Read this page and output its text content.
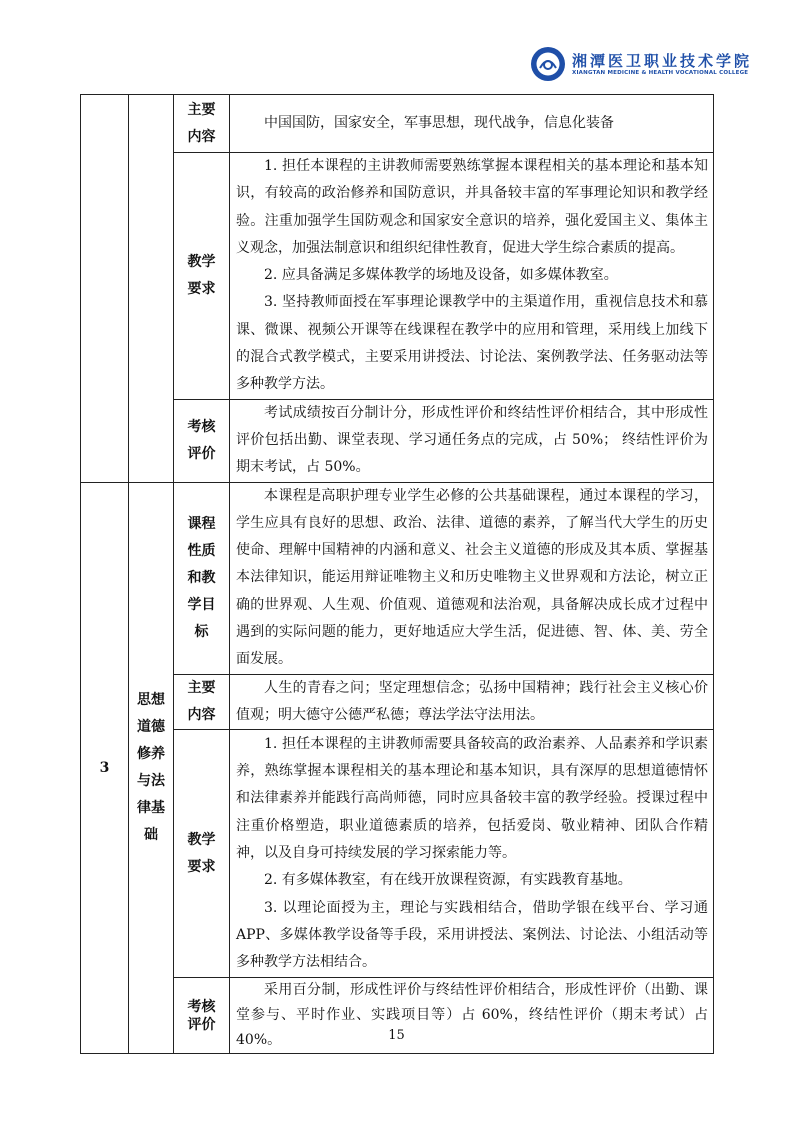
湘潭医卫职业技术学院
XIANGTAN MEDICINE & HEALTH VOCATIONAL COLLEGE

		主要内容	中国国防，国家安全，军事思想，现代战争，信息化装备

		教学要求	1. 担任本课程的主讲教师需要熟练掌握本课程相关的基本理论和基本知识，有较高的政治修养和国防意识，并具备较丰富的军事理论知识和教学经验。注重加强学生国防观念和国家安全意识的培养，强化爱国主义、集体主义观念，加强法制意识和组织纪律性教育，促进大学生综合素质的提高。

2. 应具备满足多媒体教学的场地及设备，如多媒体教室。

3. 坚持教师面授在军事理论课教学中的主渠道作用，重视信息技术和慕课、微课、视频公开课等在线课程在教学中的应用和管理，采用线上加线下的混合式教学模式，主要采用讲授法、讨论法、案例教学法、任务驱动法等多种教学方法。

		考核评价	考试成绩按百分制计分，形成性评价和终结性评价相结合，其中形成性评价包括出勤、课堂表现、学习通任务点的完成，占 50%； 终结性评价为期末考试，占 50%。

3	思想道德修养与法律基础	课程性质和教学目标	本课程是高职护理专业学生必修的公共基础课程，通过本课程的学习，学生应具有良好的思想、政治、法律、道德的素养，了解当代大学生的历史使命、理解中国精神的内涵和意义、社会主义道德的形成及其本质、掌握基本法律知识，能运用辩证唯物主义和历史唯物主义世界观和方法论，树立正确的世界观、人生观、价值观、道德观和法治观，具备解决成长成才过程中遇到的实际问题的能力，更好地适应大学生活，促进德、智、体、美、劳全面发展。

		主要内容	人生的青春之问；坚定理想信念；弘扬中国精神；践行社会主义核心价值观；明大德守公德严私德；尊法学法守法用法。

		教学要求	1. 担任本课程的主讲教师需要具备较高的政治素养、人品素养和学识素养，熟练掌握本课程相关的基本理论和基本知识，具有深厚的思想道德情怀和法律素养并能践行高尚师德，同时应具备较丰富的教学经验。授课过程中注重价格塑造，职业道德素质的培养，包括爱岗、敬业精神、团队合作精神，以及自身可持续发展的学习探索能力等。

2. 有多媒体教室，有在线开放课程资源，有实践教育基地。

3. 以理论面授为主，理论与实践相结合，借助学银在线平台、学习通 APP、多媒体教学设备等手段，采用讲授法、案例法、讨论法、小组活动等多种教学方法相结合。

		考核评价	采用百分制，形成性评价与终结性评价相结合，形成性评价（出勤、课堂参与、平时作业、实践项目等）占 60%，终结性评价（期末考试）占 40%。	15
